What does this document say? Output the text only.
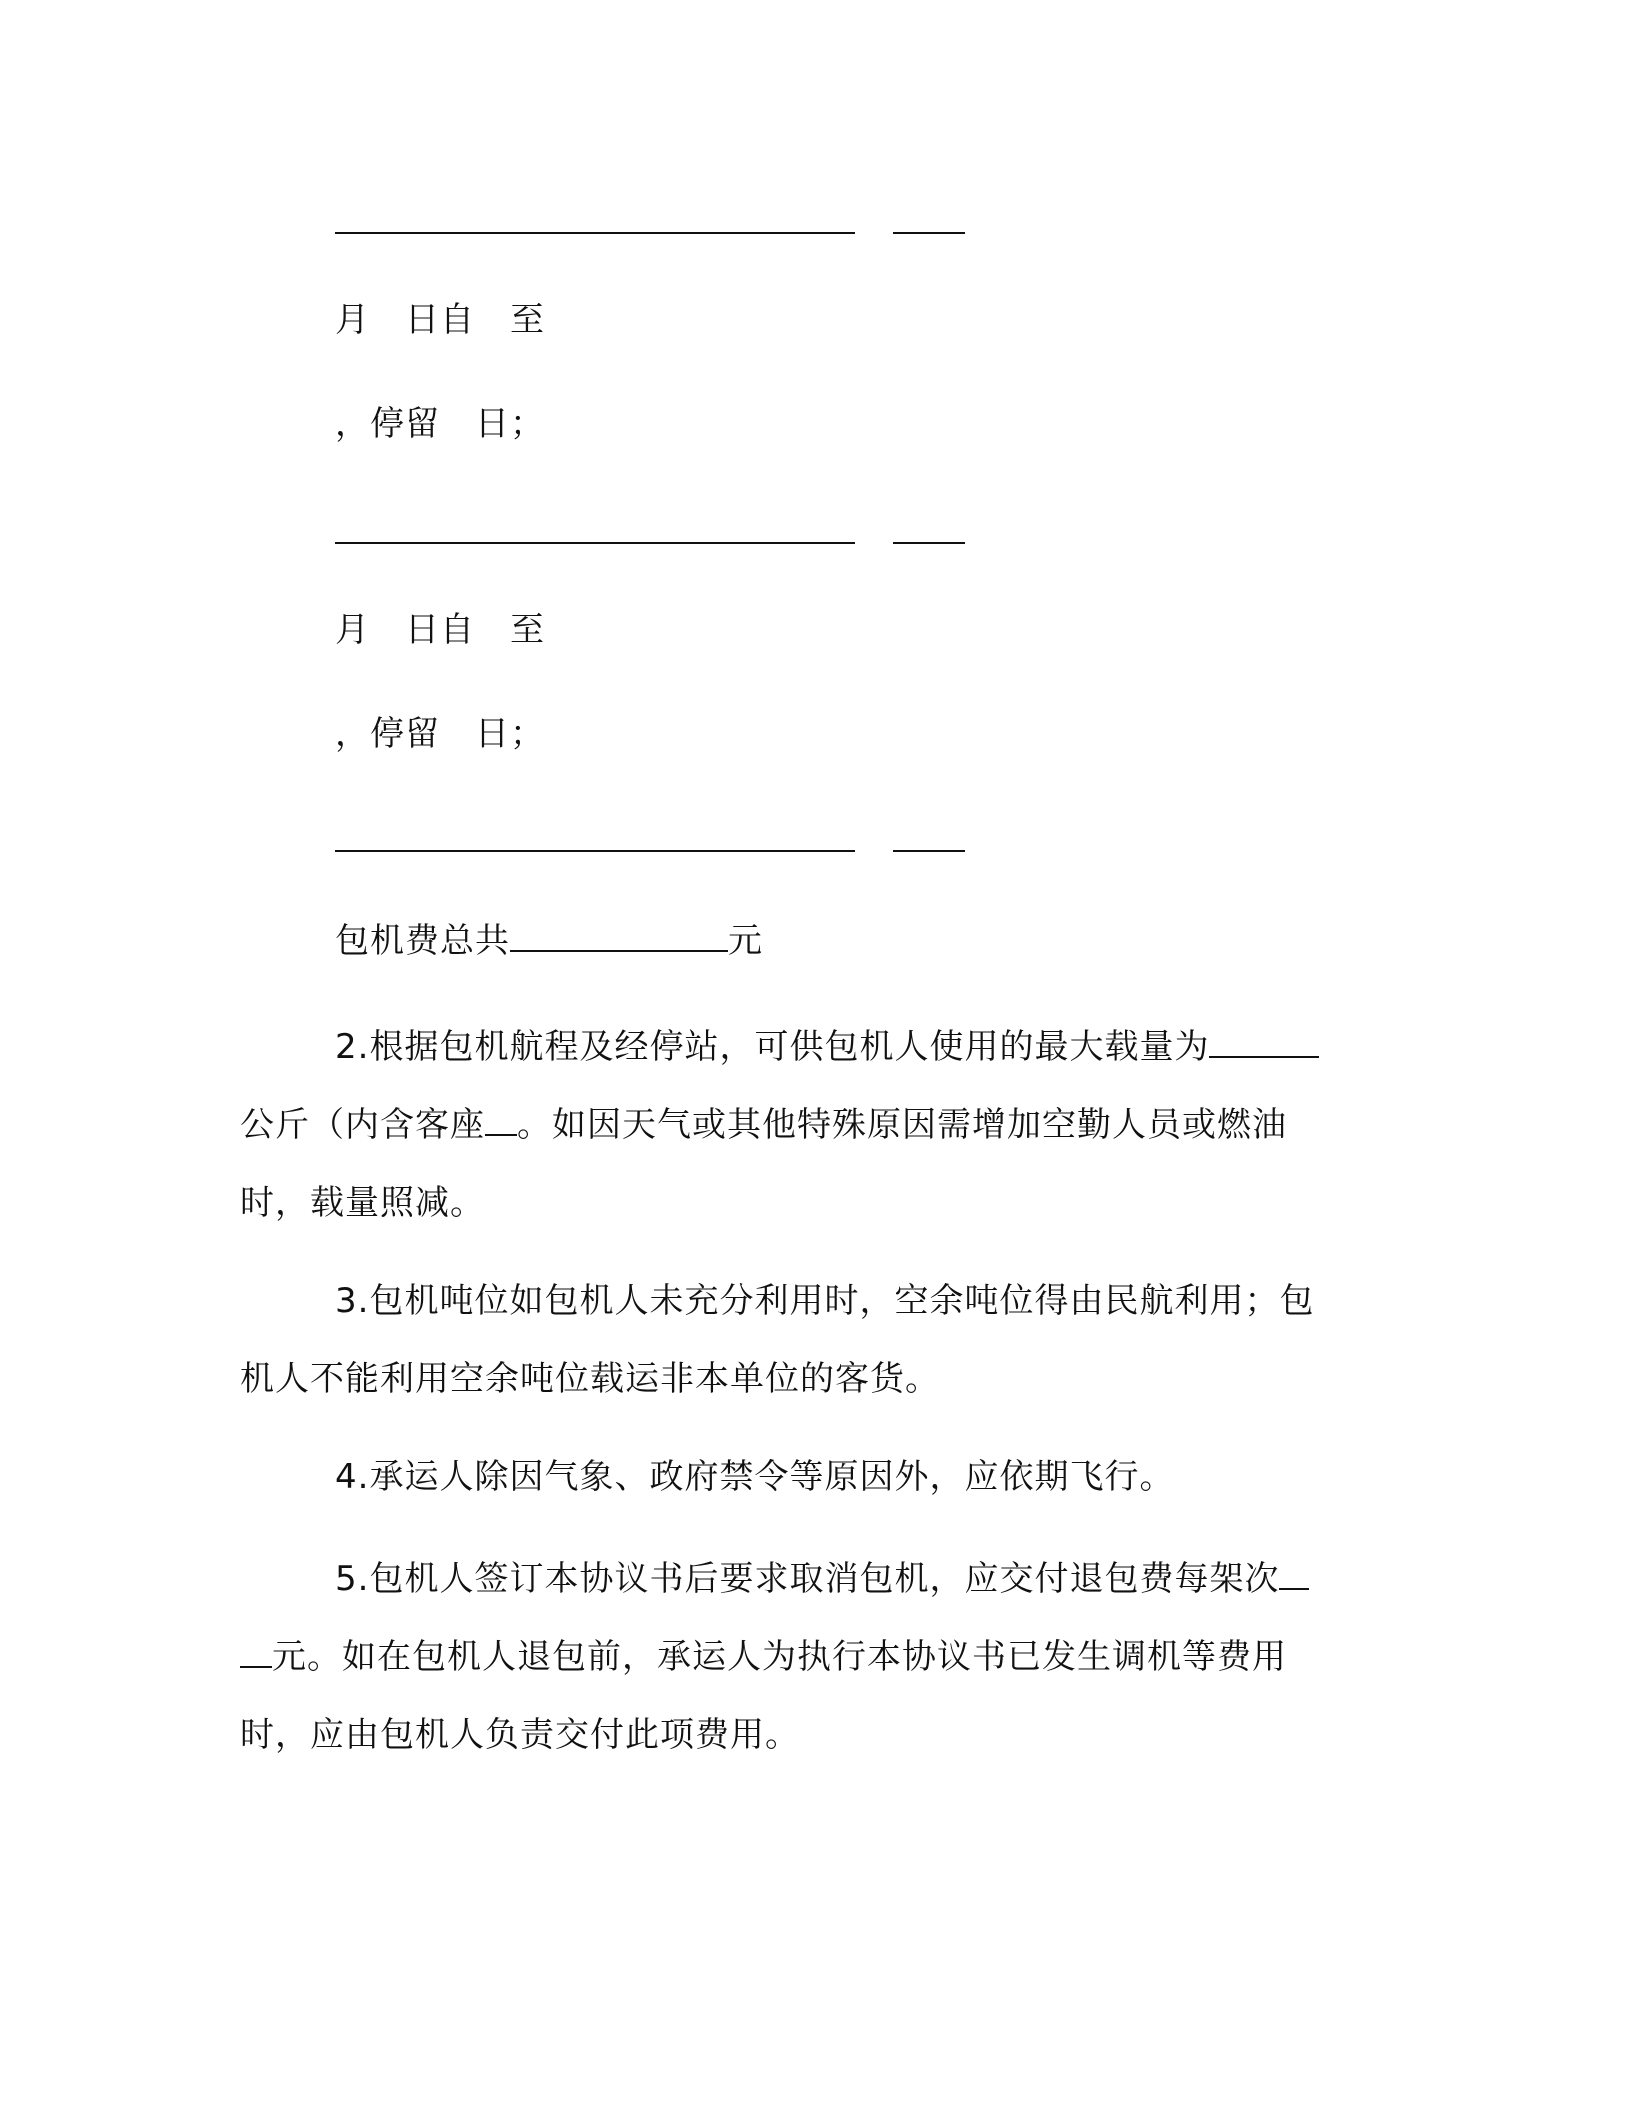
月　日自　至
，停留　日；
月　日自　至
，停留　日；
包机费总共	元
2.根据包机航程及经停站，可供包机人使用的最大载量为
公斤（内含客座 。如因天气或其他特殊原因需增加空勤人员或燃油
时，载量照减。
3.包机吨位如包机人未充分利用时，空余吨位得由民航利用；包
机人不能利用空余吨位载运非本单位的客货。
4.承运人除因气象、政府禁令等原因外，应依期飞行。
5.包机人签订本协议书后要求取消包机，应交付退包费每架次
元。如在包机人退包前，承运人为执行本协议书已发生调机等费用
时，应由包机人负责交付此项费用。
